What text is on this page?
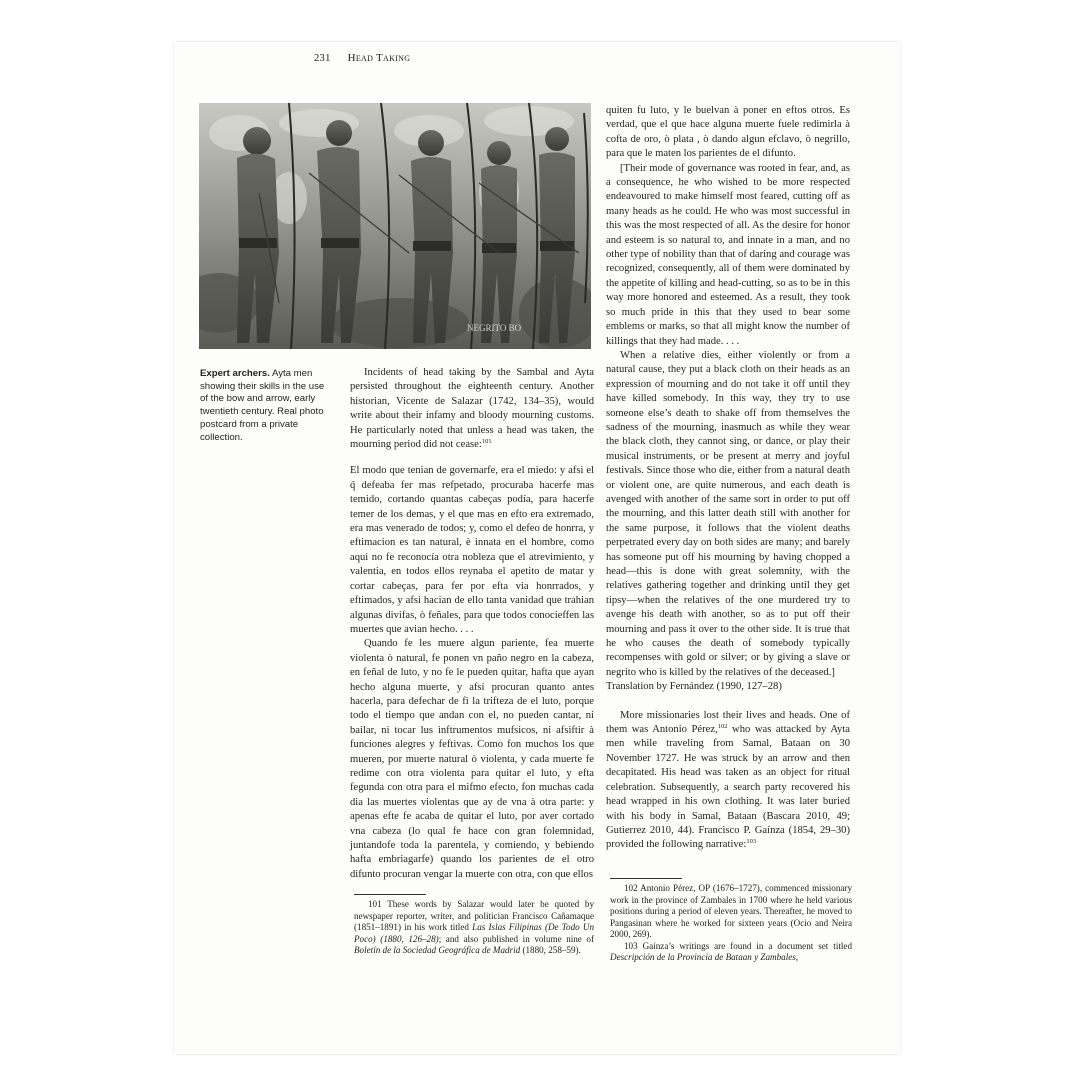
231 Head Taking
NEGRITO BO
Expert archers. Ayta men showing their skills in the use of the bow and arrow, early twentieth century. Real photo postcard from a private collection.

Incidents of head taking by the Sambal and Ayta persisted throughout the eighteenth century. Another historian, Vicente de Salazar (1742, 134–35), would write about their infamy and bloody mourning customs. He particularly noted that unless a head was taken, the mourning period did not cease:$^{101}$

El modo que tenian de governarfe, era el miedo: y afsi el q̃ defeaba fer mas refpetado, procuraba hacerfe mas temido, cortando quantas cabeças podía, para hacerfe temer de los demas, y el que mas en efto era extremado, era mas venerado de todos; y, como el defeo de honrra, y eftimacion es tan natural, è innata en el hombre, como aqui no fe reconocía otra nobleza que el atrevimiento, y valentia, en todos ellos reynaba el apetito de matar y cortar cabeças, para fer por efta via honrrados, y eftimados, y afsi hacian de ello tanta vanidad que trahian algunas divifas, ò feñales, para que todos conocieffen las muertes que avian hecho. . . .

Quando fe les muere algun pariente, fea muerte violenta ò natural, fe ponen vn paño negro en la cabeza, en feñal de luto, y no fe le pueden quitar, hafta que ayan hecho alguna muerte, y afsí procuran quanto antes hacerla, para defechar de fi la trifteza de el luto, porque todo el tiempo que andan con el, no pueden cantar, ni bailar, ni tocar lus inftrumentos mufsicos, ni afsiftir à funciones alegres y feftivas. Como fon muchos los que mueren, por muerte natural ò violenta, y cada muerte fe redime con otra violenta para quitar el luto, y efta fegunda con otra para el mifmo efecto, fon muchas cada dia las muertes violentas que ay de vna à otra parte: y apenas efte fe acaba de quitar el luto, por aver cortado vna cabeza (lo qual fe hace con gran folemnidad, juntandofe toda la parentela, y comiendo, y bebiendo hafta embriagarfe) quando los parientes de el otro difunto procuran vengar la muerte con otra, con que ellos

101 These words by Salazar would later be quoted by newspaper reporter, writer, and politician Francisco Cañamaque (1851–1891) in his work titled Las Islas Filipinas (De Todo Un Poco) (1880, 126–28); and also published in volume nine of Boletín de la Sociedad Geográfica de Madrid (1880, 258–59).

quiten fu luto, y le buelvan à poner en eftos otros. Es verdad, que el que hace alguna muerte fuele redimirla à cofta de oro, ò plata , ò dando algun efclavo, ò negrillo, para que le maten los parientes de el difunto.

[Their mode of governance was rooted in fear, and, as a consequence, he who wished to be more respected endeavoured to make himself most feared, cutting off as many heads as he could. He who was most successful in this was the most respected of all. As the desire for honor and esteem is so natural to, and innate in a man, and no other type of nobility than that of daring and courage was recognized, consequently, all of them were dominated by the appetite of killing and head-cutting, so as to be in this way more honored and esteemed. As a result, they took so much pride in this that they used to bear some emblems or marks, so that all might know the number of killings that they had made. . . .

When a relative dies, either violently or from a natural cause, they put a black cloth on their heads as an expression of mourning and do not take it off until they have killed somebody. In this way, they try to use someone else’s death to shake off from themselves the sadness of the mourning, inasmuch as while they wear the black cloth, they cannot sing, or dance, or play their musical instruments, or be present at merry and joyful festivals. Since those who die, either from a natural death or violent one, are quite numerous, and each death is avenged with another of the same sort in order to put off the mourning, and this latter death still with another for the same purpose, it follows that the violent deaths perpetrated every day on both sides are many; and barely has someone put off his mourning by having chopped a head—this is done with great solemnity, with the relatives gathering together and drinking until they get tipsy—when the relatives of the one murdered try to avenge his death with another, so as to put off their mourning and pass it over to the other side. It is true that he who causes the death of somebody typically recompenses with gold or silver; or by giving a slave or negrito who is killed by the relatives of the deceased.]

Translation by Fernández (1990, 127–28)

More missionaries lost their lives and heads. One of them was Antonio Pérez,$^{102}$ who was attacked by Ayta men while traveling from Samal, Bataan on 30 November 1727. He was struck by an arrow and then decapitated. His head was taken as an object for ritual celebration. Subsequently, a search party recovered his head wrapped in his own clothing. It was later buried with his body in Samal, Bataan (Bascara 2010, 49; Gutierrez 2010, 44). Francisco P. Gaínza (1854, 29–30) provided the following narrative:$^{103}$

102 Antonio Pérez, OP (1676–1727), commenced missionary work in the province of Zambales in 1700 where he held various positions during a period of eleven years. Thereafter, he moved to Pangasinan where he worked for sixteen years (Ocio and Neira 2000, 269).

103 Gaínza’s writings are found in a document set titled Descripción de la Provincia de Bataan y Zambales,
